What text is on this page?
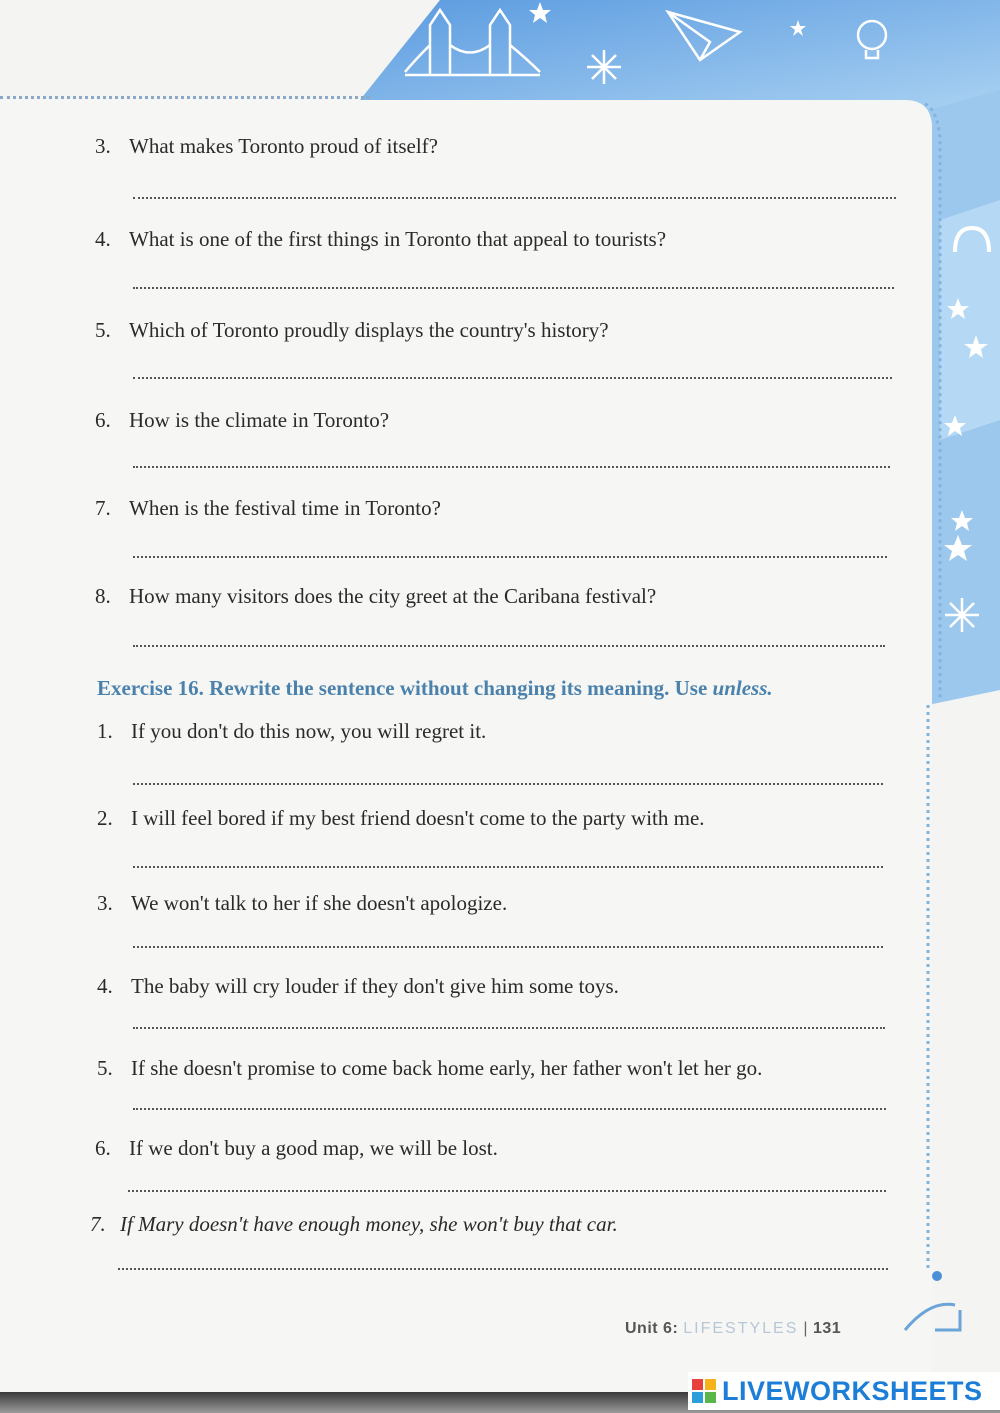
3. What makes Toronto proud of itself?
4. What is one of the first things in Toronto that appeal to tourists?
5. Which of Toronto proudly displays the country's history?
6. How is the climate in Toronto?
7. When is the festival time in Toronto?
8. How many visitors does the city greet at the Caribana festival?
Exercise 16. Rewrite the sentence without changing its meaning. Use unless.
1. If you don't do this now, you will regret it.
2. I will feel bored if my best friend doesn't come to the party with me.
3. We won't talk to her if she doesn't apologize.
4. The baby will cry louder if they don't give him some toys.
5. If she doesn't promise to come back home early, her father won't let her go.
6. If we don't buy a good map, we will be lost.
7. If Mary doesn't have enough money, she won't buy that car.
Unit 6: LIFESTYLES | 131
LIVEWORKSHEETS
